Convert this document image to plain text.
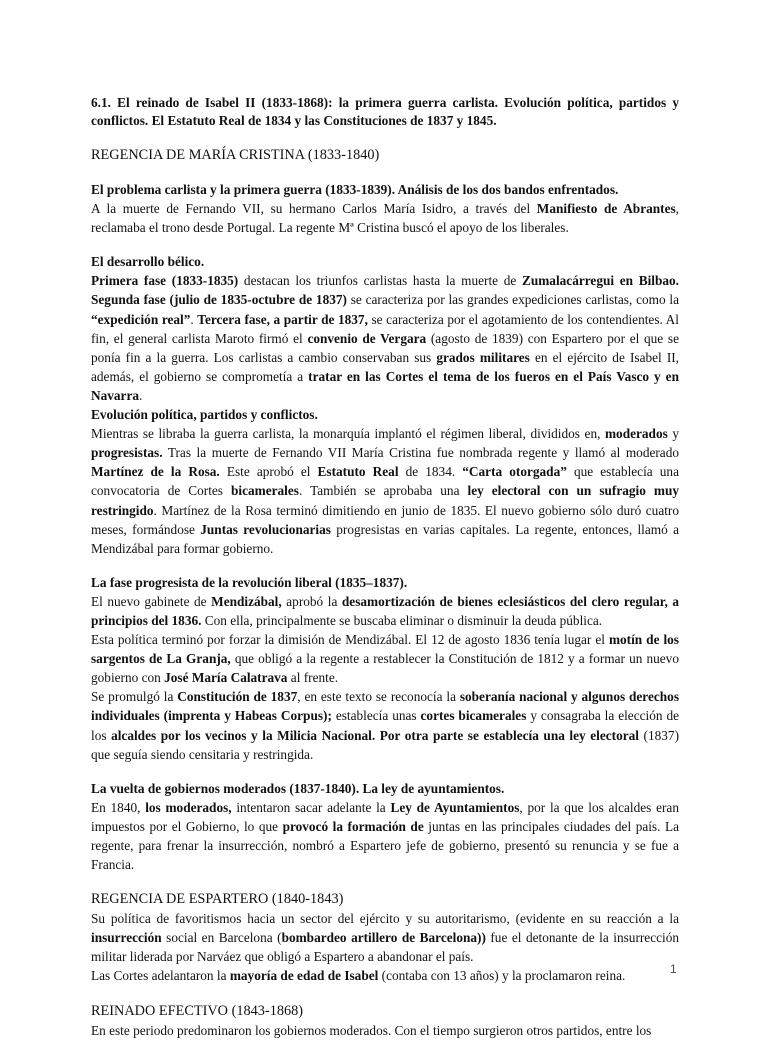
6.1. El reinado de Isabel II (1833-1868): la primera guerra carlista. Evolución política, partidos y conflictos. El Estatuto Real de 1834 y las Constituciones de 1837 y 1845.

REGENCIA DE MARÍA CRISTINA (1833-1840)

El problema carlista y la primera guerra (1833-1839). Análisis de los dos bandos enfrentados.
A la muerte de Fernando VII, su hermano Carlos María Isidro, a través del Manifiesto de Abrantes, reclamaba el trono desde Portugal. La regente Mª Cristina buscó el apoyo de los liberales.

El desarrollo bélico.
Primera fase (1833-1835) destacan los triunfos carlistas hasta la muerte de Zumalacárregui en Bilbao. Segunda fase (julio de 1835-octubre de 1837) se caracteriza por las grandes expediciones carlistas, como la “expedición real”. Tercera fase, a partir de 1837, se caracteriza por el agotamiento de los contendientes. Al fin, el general carlista Maroto firmó el convenio de Vergara (agosto de 1839) con Espartero por el que se ponía fin a la guerra. Los carlistas a cambio conservaban sus grados militares en el ejército de Isabel II, además, el gobierno se comprometía a tratar en las Cortes el tema de los fueros en el País Vasco y en Navarra.
Evolución política, partidos y conflictos.
Mientras se libraba la guerra carlista, la monarquía implantó el régimen liberal, divididos en, moderados y progresistas. Tras la muerte de Fernando VII María Cristina fue nombrada regente y llamó al moderado Martínez de la Rosa. Este aprobó el Estatuto Real de 1834. “Carta otorgada” que establecía una convocatoria de Cortes bicamerales. También se aprobaba una ley electoral con un sufragio muy restringido. Martínez de la Rosa terminó dimitiendo en junio de 1835. El nuevo gobierno sólo duró cuatro meses, formándose Juntas revolucionarias progresistas en varias capitales. La regente, entonces, llamó a Mendizábal para formar gobierno.

La fase progresista de la revolución liberal (1835–1837).
El nuevo gabinete de Mendizábal, aprobó la desamortización de bienes eclesiásticos del clero regular, a principios del 1836. Con ella, principalmente se buscaba eliminar o disminuir la deuda pública.
Esta política terminó por forzar la dimisión de Mendizábal. El 12 de agosto 1836 tenía lugar el motín de los sargentos de La Granja, que obligó a la regente a restablecer la Constitución de 1812 y a formar un nuevo gobierno con José María Calatrava al frente.
Se promulgó la Constitución de 1837, en este texto se reconocía la soberanía nacional y algunos derechos individuales (imprenta y Habeas Corpus); establecía unas cortes bicamerales y consagraba la elección de los alcaldes por los vecinos y la Milicia Nacional. Por otra parte se establecía una ley electoral (1837) que seguía siendo censitaria y restringida.

La vuelta de gobiernos moderados (1837-1840). La ley de ayuntamientos.
En 1840, los moderados, intentaron sacar adelante la Ley de Ayuntamientos, por la que los alcaldes eran impuestos por el Gobierno, lo que provocó la formación de juntas en las principales ciudades del país. La regente, para frenar la insurrección, nombró a Espartero jefe de gobierno, presentó su renuncia y se fue a Francia.

REGENCIA DE ESPARTERO (1840-1843)

Su política de favoritismos hacia un sector del ejército y su autoritarismo, (evidente en su reacción a la insurrección social en Barcelona (bombardeo artillero de Barcelona)) fue el detonante de la insurrección militar liderada por Narváez que obligó a Espartero a abandonar el país.
Las Cortes adelantaron la mayoría de edad de Isabel (contaba con 13 años) y la proclamaron reina.

REINADO EFECTIVO (1843-1868)

En este periodo predominaron los gobiernos moderados. Con el tiempo surgieron otros partidos, entre los

1
